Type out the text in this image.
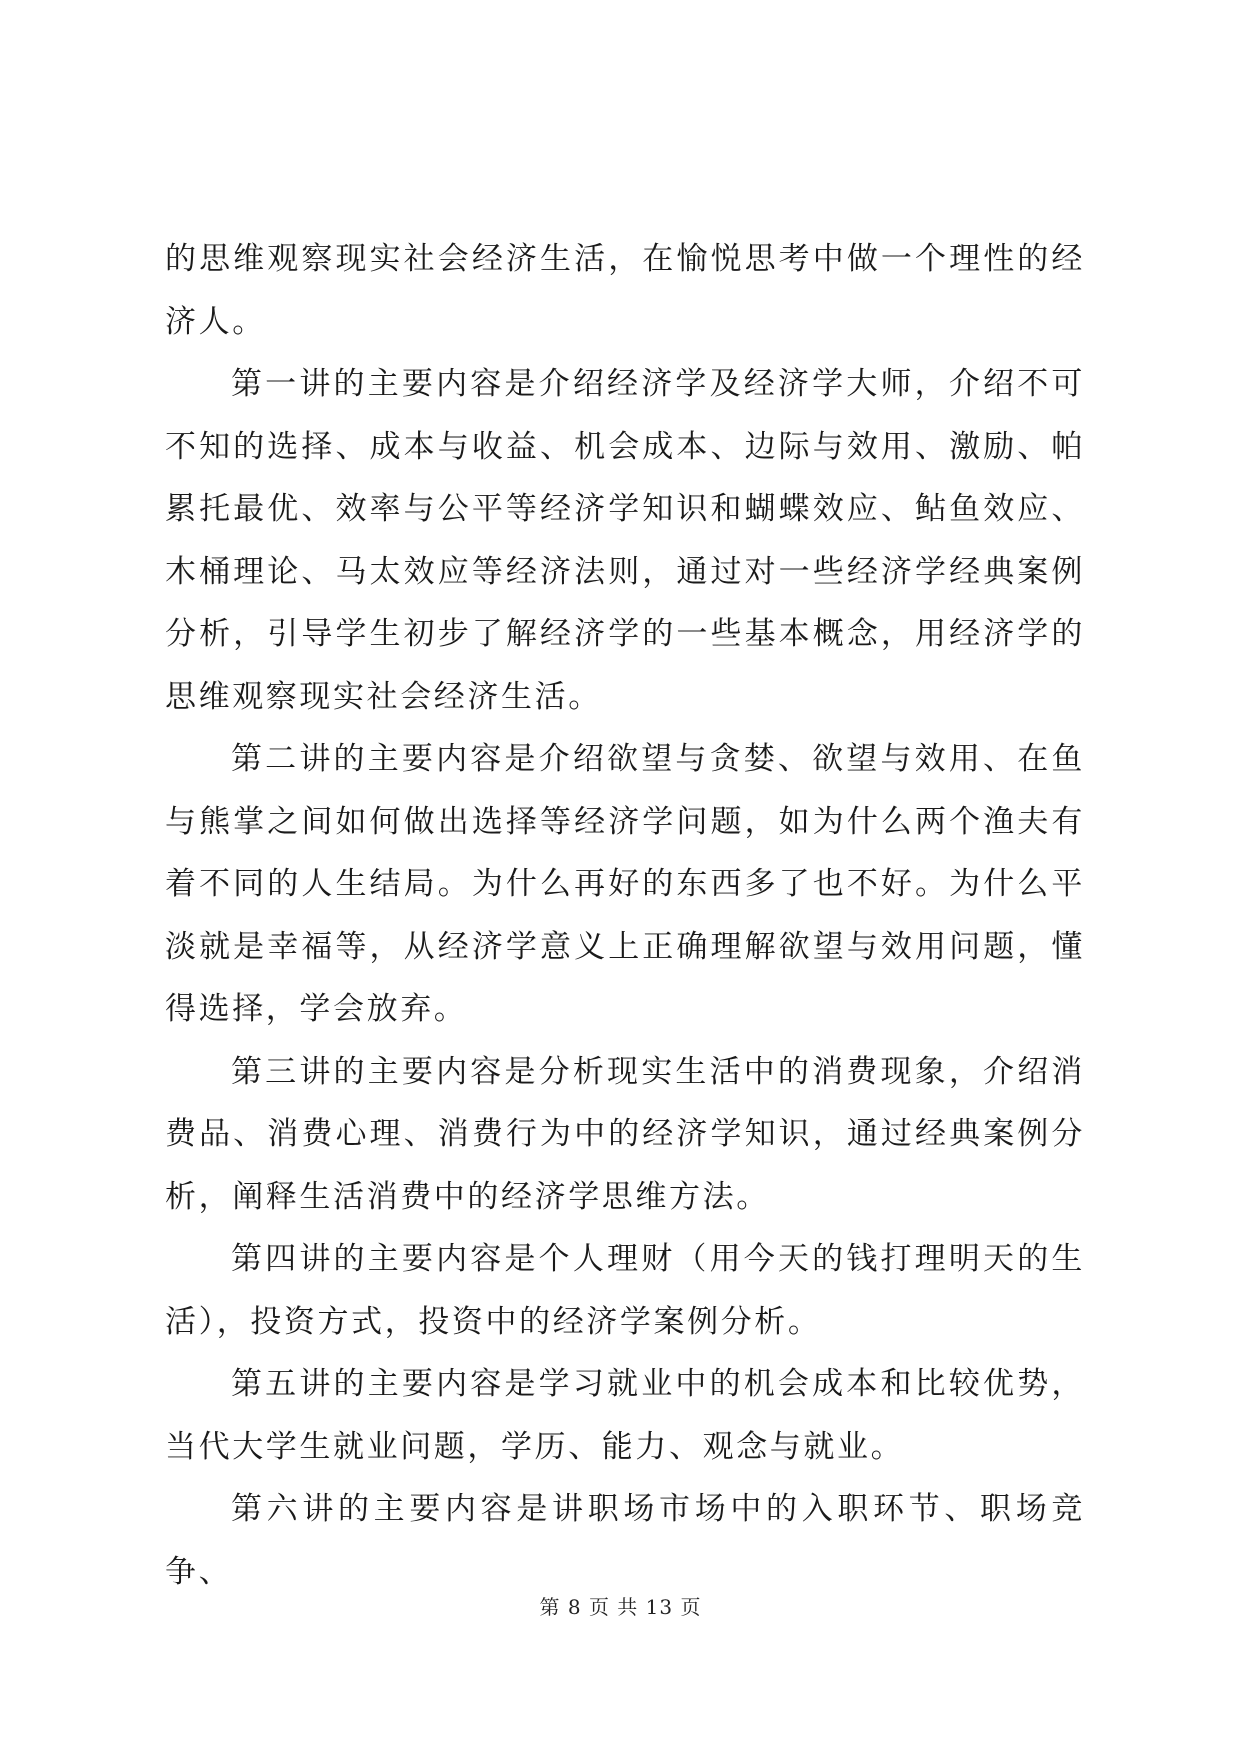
的思维观察现实社会经济生活，在愉悦思考中做一个理性的经济人。

第一讲的主要内容是介绍经济学及经济学大师，介绍不可不知的选择、成本与收益、机会成本、边际与效用、激励、帕累托最优、效率与公平等经济学知识和蝴蝶效应、鲇鱼效应、木桶理论、马太效应等经济法则，通过对一些经济学经典案例分析，引导学生初步了解经济学的一些基本概念，用经济学的思维观察现实社会经济生活。

第二讲的主要内容是介绍欲望与贪婪、欲望与效用、在鱼与熊掌之间如何做出选择等经济学问题，如为什么两个渔夫有着不同的人生结局。为什么再好的东西多了也不好。为什么平淡就是幸福等，从经济学意义上正确理解欲望与效用问题，懂得选择，学会放弃。

第三讲的主要内容是分析现实生活中的消费现象，介绍消费品、消费心理、消费行为中的经济学知识，通过经典案例分析，阐释生活消费中的经济学思维方法。

第四讲的主要内容是个人理财（用今天的钱打理明天的生活），投资方式，投资中的经济学案例分析。

第五讲的主要内容是学习就业中的机会成本和比较优势，当代大学生就业问题，学历、能力、观念与就业。

第六讲的主要内容是讲职场市场中的入职环节、职场竞争、

第 8 页 共 13 页
